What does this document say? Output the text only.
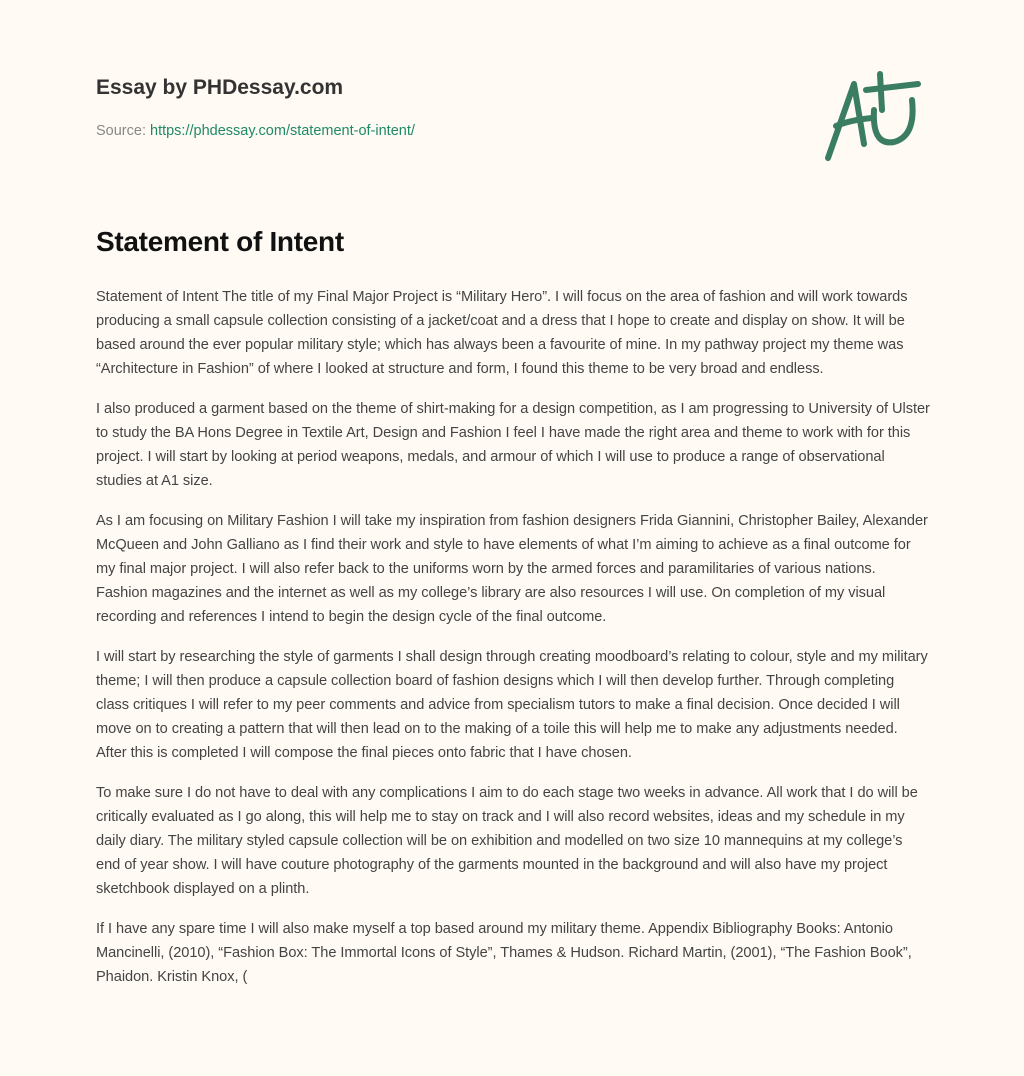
Essay by PHDessay.com
Source: https://phdessay.com/statement-of-intent/
Statement of Intent

Statement of Intent The title of my Final Major Project is “Military Hero”. I will focus on the area of fashion and will work towards producing a small capsule collection consisting of a jacket/coat and a dress that I hope to create and display on show. It will be based around the ever popular military style; which has always been a favourite of mine. In my pathway project my theme was “Architecture in Fashion” of where I looked at structure and form, I found this theme to be very broad and endless.

I also produced a garment based on the theme of shirt-making for a design competition, as I am progressing to University of Ulster to study the BA Hons Degree in Textile Art, Design and Fashion I feel I have made the right area and theme to work with for this project. I will start by looking at period weapons, medals, and armour of which I will use to produce a range of observational studies at A1 size.

As I am focusing on Military Fashion I will take my inspiration from fashion designers Frida Giannini, Christopher Bailey, Alexander McQueen and John Galliano as I find their work and style to have elements of what I’m aiming to achieve as a final outcome for my final major project. I will also refer back to the uniforms worn by the armed forces and paramilitaries of various nations. Fashion magazines and the internet as well as my college’s library are also resources I will use. On completion of my visual recording and references I intend to begin the design cycle of the final outcome.

I will start by researching the style of garments I shall design through creating moodboard’s relating to colour, style and my military theme; I will then produce a capsule collection board of fashion designs which I will then develop further. Through completing class critiques I will refer to my peer comments and advice from specialism tutors to make a final decision. Once decided I will move on to creating a pattern that will then lead on to the making of a toile this will help me to make any adjustments needed. After this is completed I will compose the final pieces onto fabric that I have chosen.

To make sure I do not have to deal with any complications I aim to do each stage two weeks in advance. All work that I do will be critically evaluated as I go along, this will help me to stay on track and I will also record websites, ideas and my schedule in my daily diary. The military styled capsule collection will be on exhibition and modelled on two size 10 mannequins at my college’s end of year show. I will have couture photography of the garments mounted in the background and will also have my project sketchbook displayed on a plinth.

If I have any spare time I will also make myself a top based around my military theme. Appendix Bibliography Books: Antonio Mancinelli, (2010), “Fashion Box: The Immortal Icons of Style”, Thames & Hudson. Richard Martin, (2001), “The Fashion Book”, Phaidon. Kristin Knox, (
